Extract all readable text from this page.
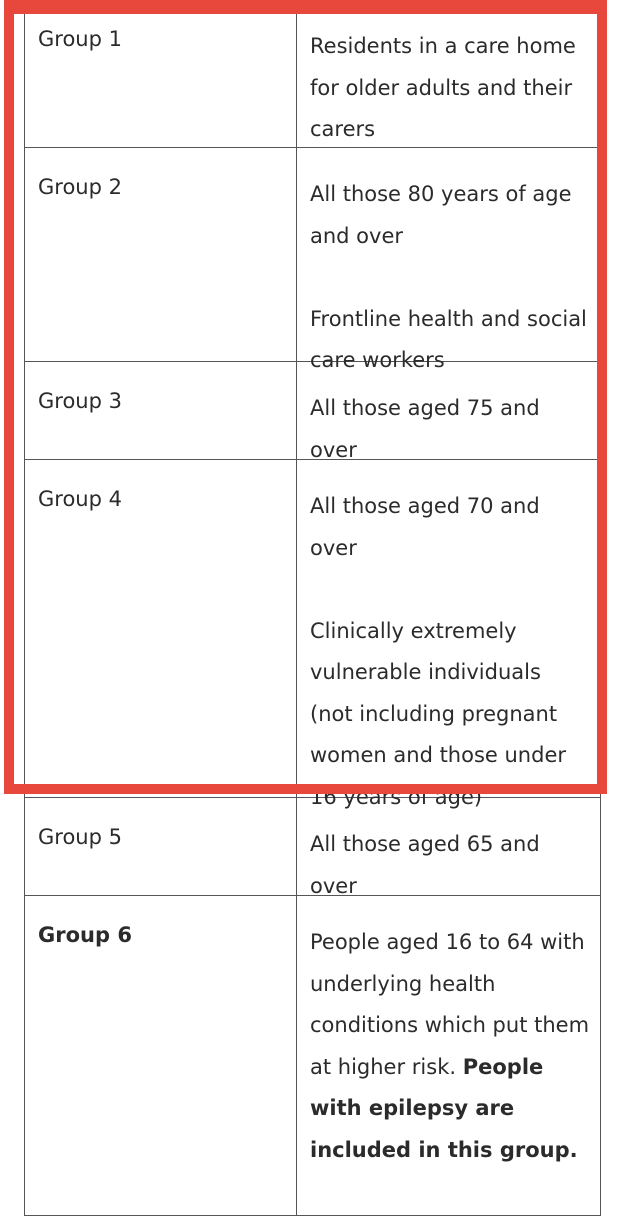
Group 1	Residents in a care home for older adults and their carers

Group 2	All those 80 years of age and over

Frontline health and social care workers

Group 3	All those aged 75 and over

Group 4	All those aged 70 and over

Clinically extremely vulnerable individuals (not including pregnant women and those under 16 years of age)

Group 5	All those aged 65 and over

Group 6	People aged 16 to 64 with underlying health conditions which put them at higher risk. People with epilepsy are included in this group.
